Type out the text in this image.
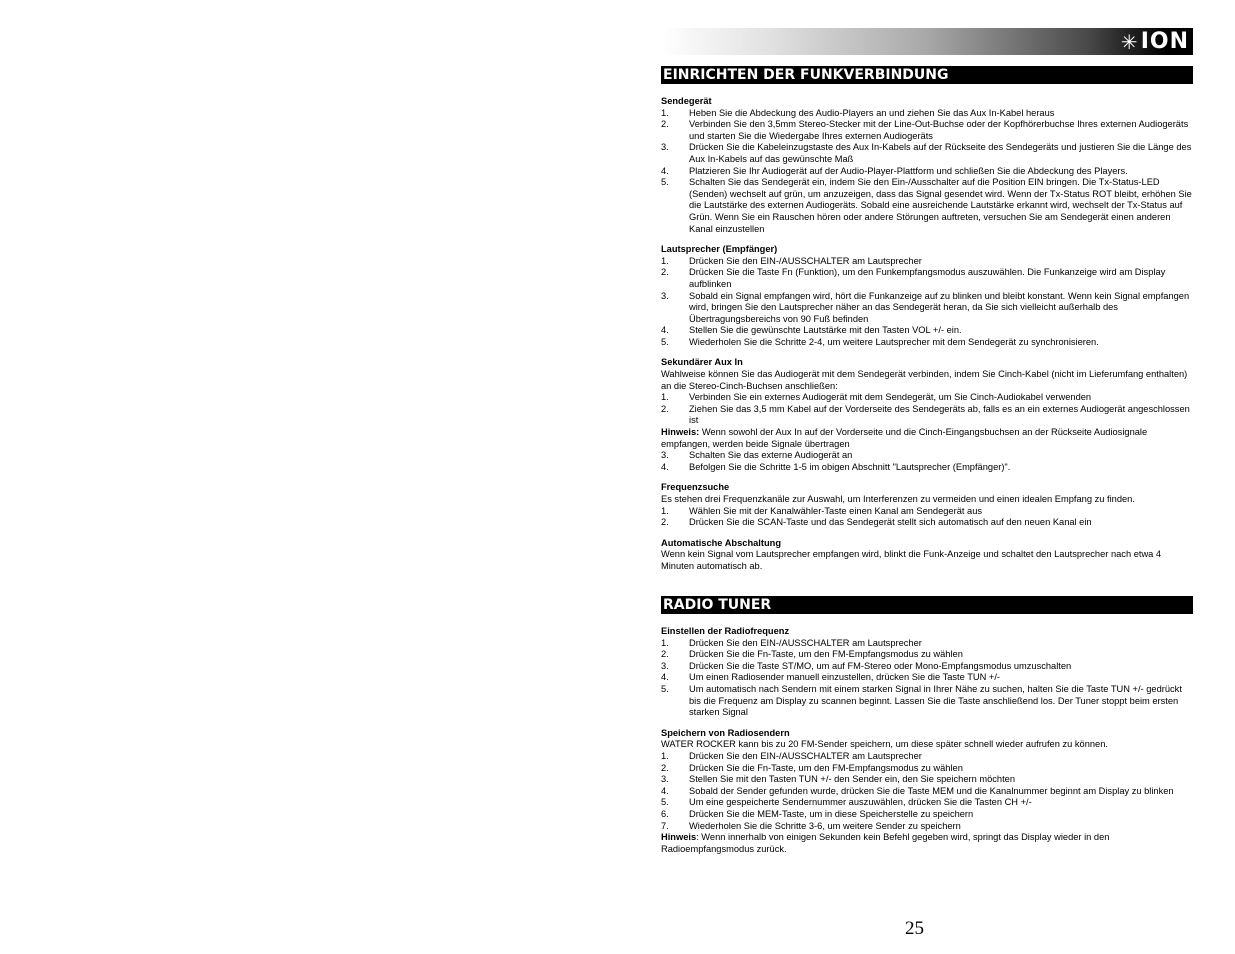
✳ ION
EINRICHTEN DER FUNKVERBINDUNG

Sendegerät

1. Heben Sie die Abdeckung des Audio-Players an und ziehen Sie das Aux In-Kabel heraus
2. Verbinden Sie den 3,5mm Stereo-Stecker mit der Line-Out-Buchse oder der Kopfhörerbuchse Ihres externen Audiogeräts und starten Sie die Wiedergabe Ihres externen Audiogeräts
3. Drücken Sie die Kabeleinzugstaste des Aux In-Kabels auf der Rückseite des Sendegeräts und justieren Sie die Länge des Aux In-Kabels auf das gewünschte Maß
4. Platzieren Sie Ihr Audiogerät auf der Audio-Player-Plattform und schließen Sie die Abdeckung des Players.
5. Schalten Sie das Sendegerät ein, indem Sie den Ein-/Ausschalter auf die Position EIN bringen. Die Tx-Status-LED (Senden) wechselt auf grün, um anzuzeigen, dass das Signal gesendet wird. Wenn der Tx-Status ROT bleibt, erhöhen Sie die Lautstärke des externen Audiogeräts. Sobald eine ausreichende Lautstärke erkannt wird, wechselt der Tx-Status auf Grün. Wenn Sie ein Rauschen hören oder andere Störungen auftreten, versuchen Sie am Sendegerät einen anderen Kanal einzustellen

Lautsprecher (Empfänger)

1. Drücken Sie den EIN-/AUSSCHALTER am Lautsprecher
2. Drücken Sie die Taste Fn (Funktion), um den Funkempfangsmodus auszuwählen. Die Funkanzeige wird am Display aufblinken
3. Sobald ein Signal empfangen wird, hört die Funkanzeige auf zu blinken und bleibt konstant. Wenn kein Signal empfangen wird, bringen Sie den Lautsprecher näher an das Sendegerät heran, da Sie sich vielleicht außerhalb des Übertragungsbereichs von 90 Fuß befinden
4. Stellen Sie die gewünschte Lautstärke mit den Tasten VOL +/- ein.
5. Wiederholen Sie die Schritte 2-4, um weitere Lautsprecher mit dem Sendegerät zu synchronisieren.

Sekundärer Aux In

Wahlweise können Sie das Audiogerät mit dem Sendegerät verbinden, indem Sie Cinch-Kabel (nicht im Lieferumfang enthalten) an die Stereo-Cinch-Buchsen anschließen:

1. Verbinden Sie ein externes Audiogerät mit dem Sendegerät, um Sie Cinch-Audiokabel verwenden
2. Ziehen Sie das 3,5 mm Kabel auf der Vorderseite des Sendegeräts ab, falls es an ein externes Audiogerät angeschlossen ist

Hinweis: Wenn sowohl der Aux In auf der Vorderseite und die Cinch-Eingangsbuchsen an der Rückseite Audiosignale empfangen, werden beide Signale übertragen

3. Schalten Sie das externe Audiogerät an
4. Befolgen Sie die Schritte 1-5 im obigen Abschnitt "Lautsprecher (Empfänger)".

Frequenzsuche

Es stehen drei Frequenzkanäle zur Auswahl, um Interferenzen zu vermeiden und einen idealen Empfang zu finden.

1. Wählen Sie mit der Kanalwähler-Taste einen Kanal am Sendegerät aus
2. Drücken Sie die SCAN-Taste und das Sendegerät stellt sich automatisch auf den neuen Kanal ein

Automatische Abschaltung

Wenn kein Signal vom Lautsprecher empfangen wird, blinkt die Funk-Anzeige und schaltet den Lautsprecher nach etwa 4 Minuten automatisch ab.

RADIO TUNER

Einstellen der Radiofrequenz

1. Drücken Sie den EIN-/AUSSCHALTER am Lautsprecher
2. Drücken Sie die Fn-Taste, um den FM-Empfangsmodus zu wählen
3. Drücken Sie die Taste ST/MO, um auf FM-Stereo oder Mono-Empfangsmodus umzuschalten
4. Um einen Radiosender manuell einzustellen, drücken Sie die Taste TUN +/-
5. Um automatisch nach Sendern mit einem starken Signal in Ihrer Nähe zu suchen, halten Sie die Taste TUN +/- gedrückt bis die Frequenz am Display zu scannen beginnt. Lassen Sie die Taste anschließend los. Der Tuner stoppt beim ersten starken Signal

Speichern von Radiosendern

WATER ROCKER kann bis zu 20 FM-Sender speichern, um diese später schnell wieder aufrufen zu können.

1. Drücken Sie den EIN-/AUSSCHALTER am Lautsprecher
2. Drücken Sie die Fn-Taste, um den FM-Empfangsmodus zu wählen
3. Stellen Sie mit den Tasten TUN +/- den Sender ein, den Sie speichern möchten
4. Sobald der Sender gefunden wurde, drücken Sie die Taste MEM und die Kanalnummer beginnt am Display zu blinken
5. Um eine gespeicherte Sendernummer auszuwählen, drücken Sie die Tasten CH +/-
6. Drücken Sie die MEM-Taste, um in diese Speicherstelle zu speichern
7. Wiederholen Sie die Schritte 3-6, um weitere Sender zu speichern

Hinweis: Wenn innerhalb von einigen Sekunden kein Befehl gegeben wird, springt das Display wieder in den Radioempfangsmodus zurück.

25
